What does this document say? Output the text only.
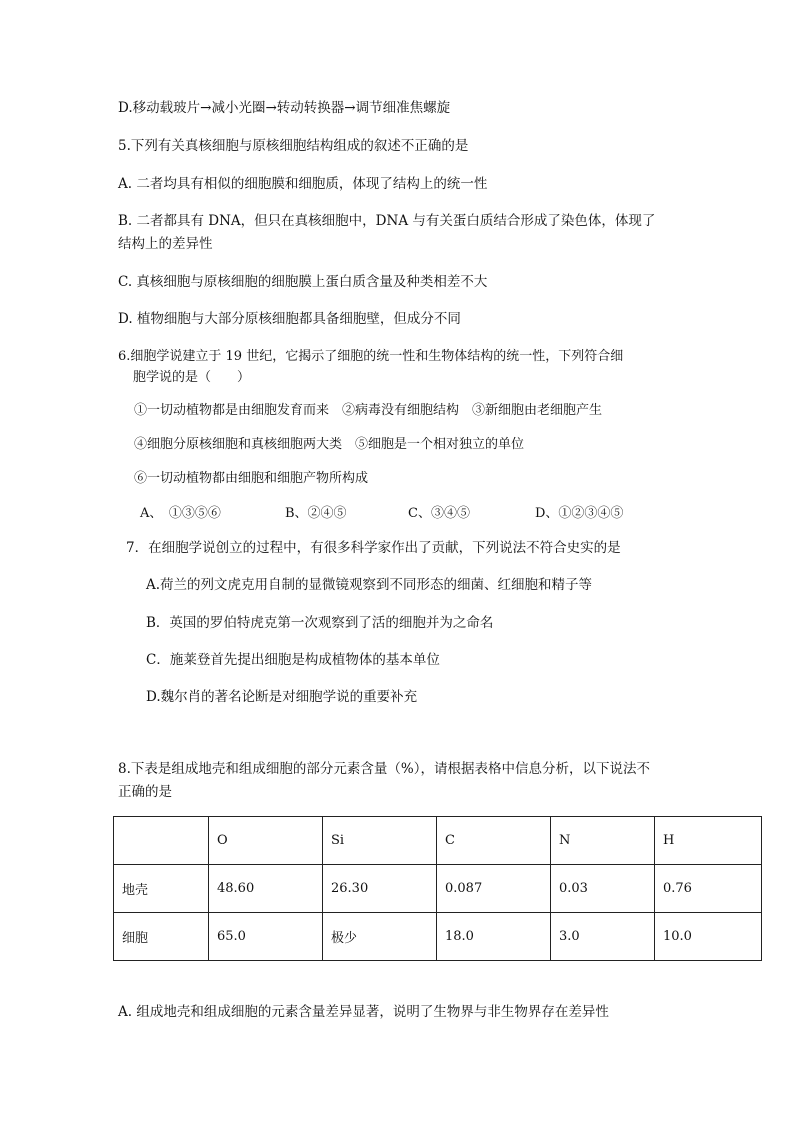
D.移动载玻片→减小光圈→转动转换器→调节细准焦螺旋
5.下列有关真核细胞与原核细胞结构组成的叙述不正确的是
A. 二者均具有相似的细胞膜和细胞质，体现了结构上的统一性
B. 二者都具有 DNA，但只在真核细胞中，DNA 与有关蛋白质结合形成了染色体，体现了
结构上的差异性
C. 真核细胞与原核细胞的细胞膜上蛋白质含量及种类相差不大
D. 植物细胞与大部分原核细胞都具备细胞壁，但成分不同
6.细胞学说建立于 19 世纪，它揭示了细胞的统一性和生物体结构的统一性，下列符合细
胞学说的是（　　）
①一切动植物都是由细胞发育而来　②病毒没有细胞结构　③新细胞由老细胞产生
④细胞分原核细胞和真核细胞两大类　⑤细胞是一个相对独立的单位
⑥一切动植物都由细胞和细胞产物所构成
A、　①③⑤⑥	B、②④⑤	C、③④⑤	D、①②③④⑤
7．在细胞学说创立的过程中，有很多科学家作出了贡献，下列说法不符合史实的是
A.荷兰的列文虎克用自制的显微镜观察到不同形态的细菌、红细胞和精子等
B．英国的罗伯特虎克第一次观察到了活的细胞并为之命名
C．施莱登首先提出细胞是构成植物体的基本单位
D.魏尔肖的著名论断是对细胞学说的重要补充
8.下表是组成地壳和组成细胞的部分元素含量（%），请根据表格中信息分析，以下说法不
正确的是
	O	Si	C	N	H
地壳	48.60	26.30	0.087	0.03	0.76
细胞	65.0	极少	18.0	3.0	10.0
A. 组成地壳和组成细胞的元素含量差异显著，说明了生物界与非生物界存在差异性
